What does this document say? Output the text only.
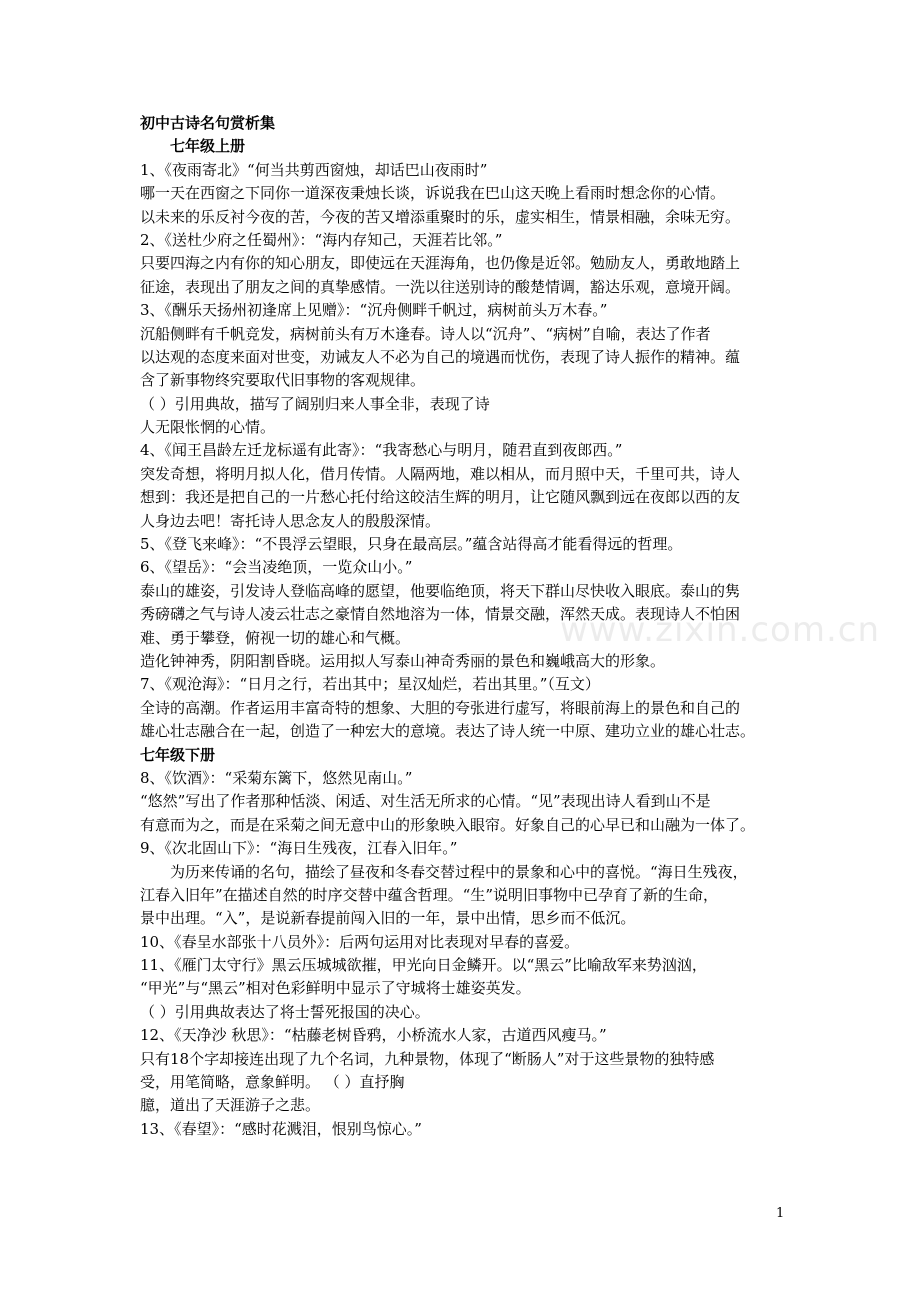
www.zixin.com.cn
初中古诗名句赏析集
七年级上册
1、《夜雨寄北》“何当共剪西窗烛，却话巴山夜雨时”
哪一天在西窗之下同你一道深夜秉烛长谈，诉说我在巴山这天晚上看雨时想念你的心情。
以未来的乐反衬今夜的苦，今夜的苦又增添重聚时的乐，虚实相生，情景相融，余味无穷。
2、《送杜少府之任蜀州》：“海内存知己，天涯若比邻。”
只要四海之内有你的知心朋友，即使远在天涯海角，也仍像是近邻。勉励友人，勇敢地踏上
征途，表现出了朋友之间的真挚感情。一洗以往送别诗的酸楚情调，豁达乐观，意境开阔。
3、《酬乐天扬州初逢席上见赠》：“沉舟侧畔千帆过，病树前头万木春。”
沉船侧畔有千帆竞发，病树前头有万木逢春。诗人以“沉舟”、“病树”自喻，表达了作者
以达观的态度来面对世变，劝诫友人不必为自己的境遇而忧伤，表现了诗人振作的精神。蕴
含了新事物终究要取代旧事物的客观规律。
（ ）引用典故，描写了阔别归来人事全非，表现了诗
人无限怅惘的心情。
4、《闻王昌龄左迁龙标遥有此寄》：“我寄愁心与明月，随君直到夜郎西。”
突发奇想，将明月拟人化，借月传情。人隔两地，难以相从，而月照中天，千里可共，诗人
想到：我还是把自己的一片愁心托付给这皎洁生辉的明月，让它随风飘到远在夜郎以西的友
人身边去吧！寄托诗人思念友人的殷殷深情。
5、《登飞来峰》：“不畏浮云望眼，只身在最高层。”蕴含站得高才能看得远的哲理。
6、《望岳》：“会当凌绝顶，一览众山小。”
泰山的雄姿，引发诗人登临高峰的愿望，他要临绝顶，将天下群山尽快收入眼底。泰山的隽
秀磅礴之气与诗人凌云壮志之豪情自然地溶为一体，情景交融，浑然天成。表现诗人不怕困
难、勇于攀登，俯视一切的雄心和气概。
造化钟神秀，阴阳割昏晓。运用拟人写泰山神奇秀丽的景色和巍峨高大的形象。
7、《观沧海》：“日月之行，若出其中；星汉灿烂，若出其里。”（互文）
全诗的高潮。作者运用丰富奇特的想象、大胆的夸张进行虚写，将眼前海上的景色和自己的
雄心壮志融合在一起，创造了一种宏大的意境。表达了诗人统一中原、建功立业的雄心壮志。
七年级下册
8、《饮酒》：“采菊东篱下，悠然见南山。”
“悠然”写出了作者那种恬淡、闲适、对生活无所求的心情。“见”表现出诗人看到山不是
有意而为之，而是在采菊之间无意中山的形象映入眼帘。好象自己的心早已和山融为一体了。
9、《次北固山下》：“海日生残夜，江春入旧年。”
为历来传诵的名句，描绘了昼夜和冬春交替过程中的景象和心中的喜悦。“海日生残夜，
江春入旧年”在描述自然的时序交替中蕴含哲理。“生”说明旧事物中已孕育了新的生命，
景中出理。“入”，是说新春提前闯入旧的一年，景中出情，思乡而不低沉。
10、《春呈水部张十八员外》：后两句运用对比表现对早春的喜爱。
11、《雁门太守行》黑云压城城欲摧，甲光向日金鳞开。以“黑云”比喻敌军来势汹汹，
“甲光”与“黑云”相对色彩鲜明中显示了守城将士雄姿英发。
（ ）引用典故表达了将士誓死报国的决心。
12、《天净沙 秋思》：“枯藤老树昏鸦，小桥流水人家，古道西风瘦马。”
只有18个字却接连出现了九个名词，九种景物，体现了“断肠人”对于这些景物的独特感
受，用笔简略，意象鲜明。 （ ）直抒胸
臆，道出了天涯游子之悲。
13、《春望》：“感时花溅泪，恨别鸟惊心。”
1
